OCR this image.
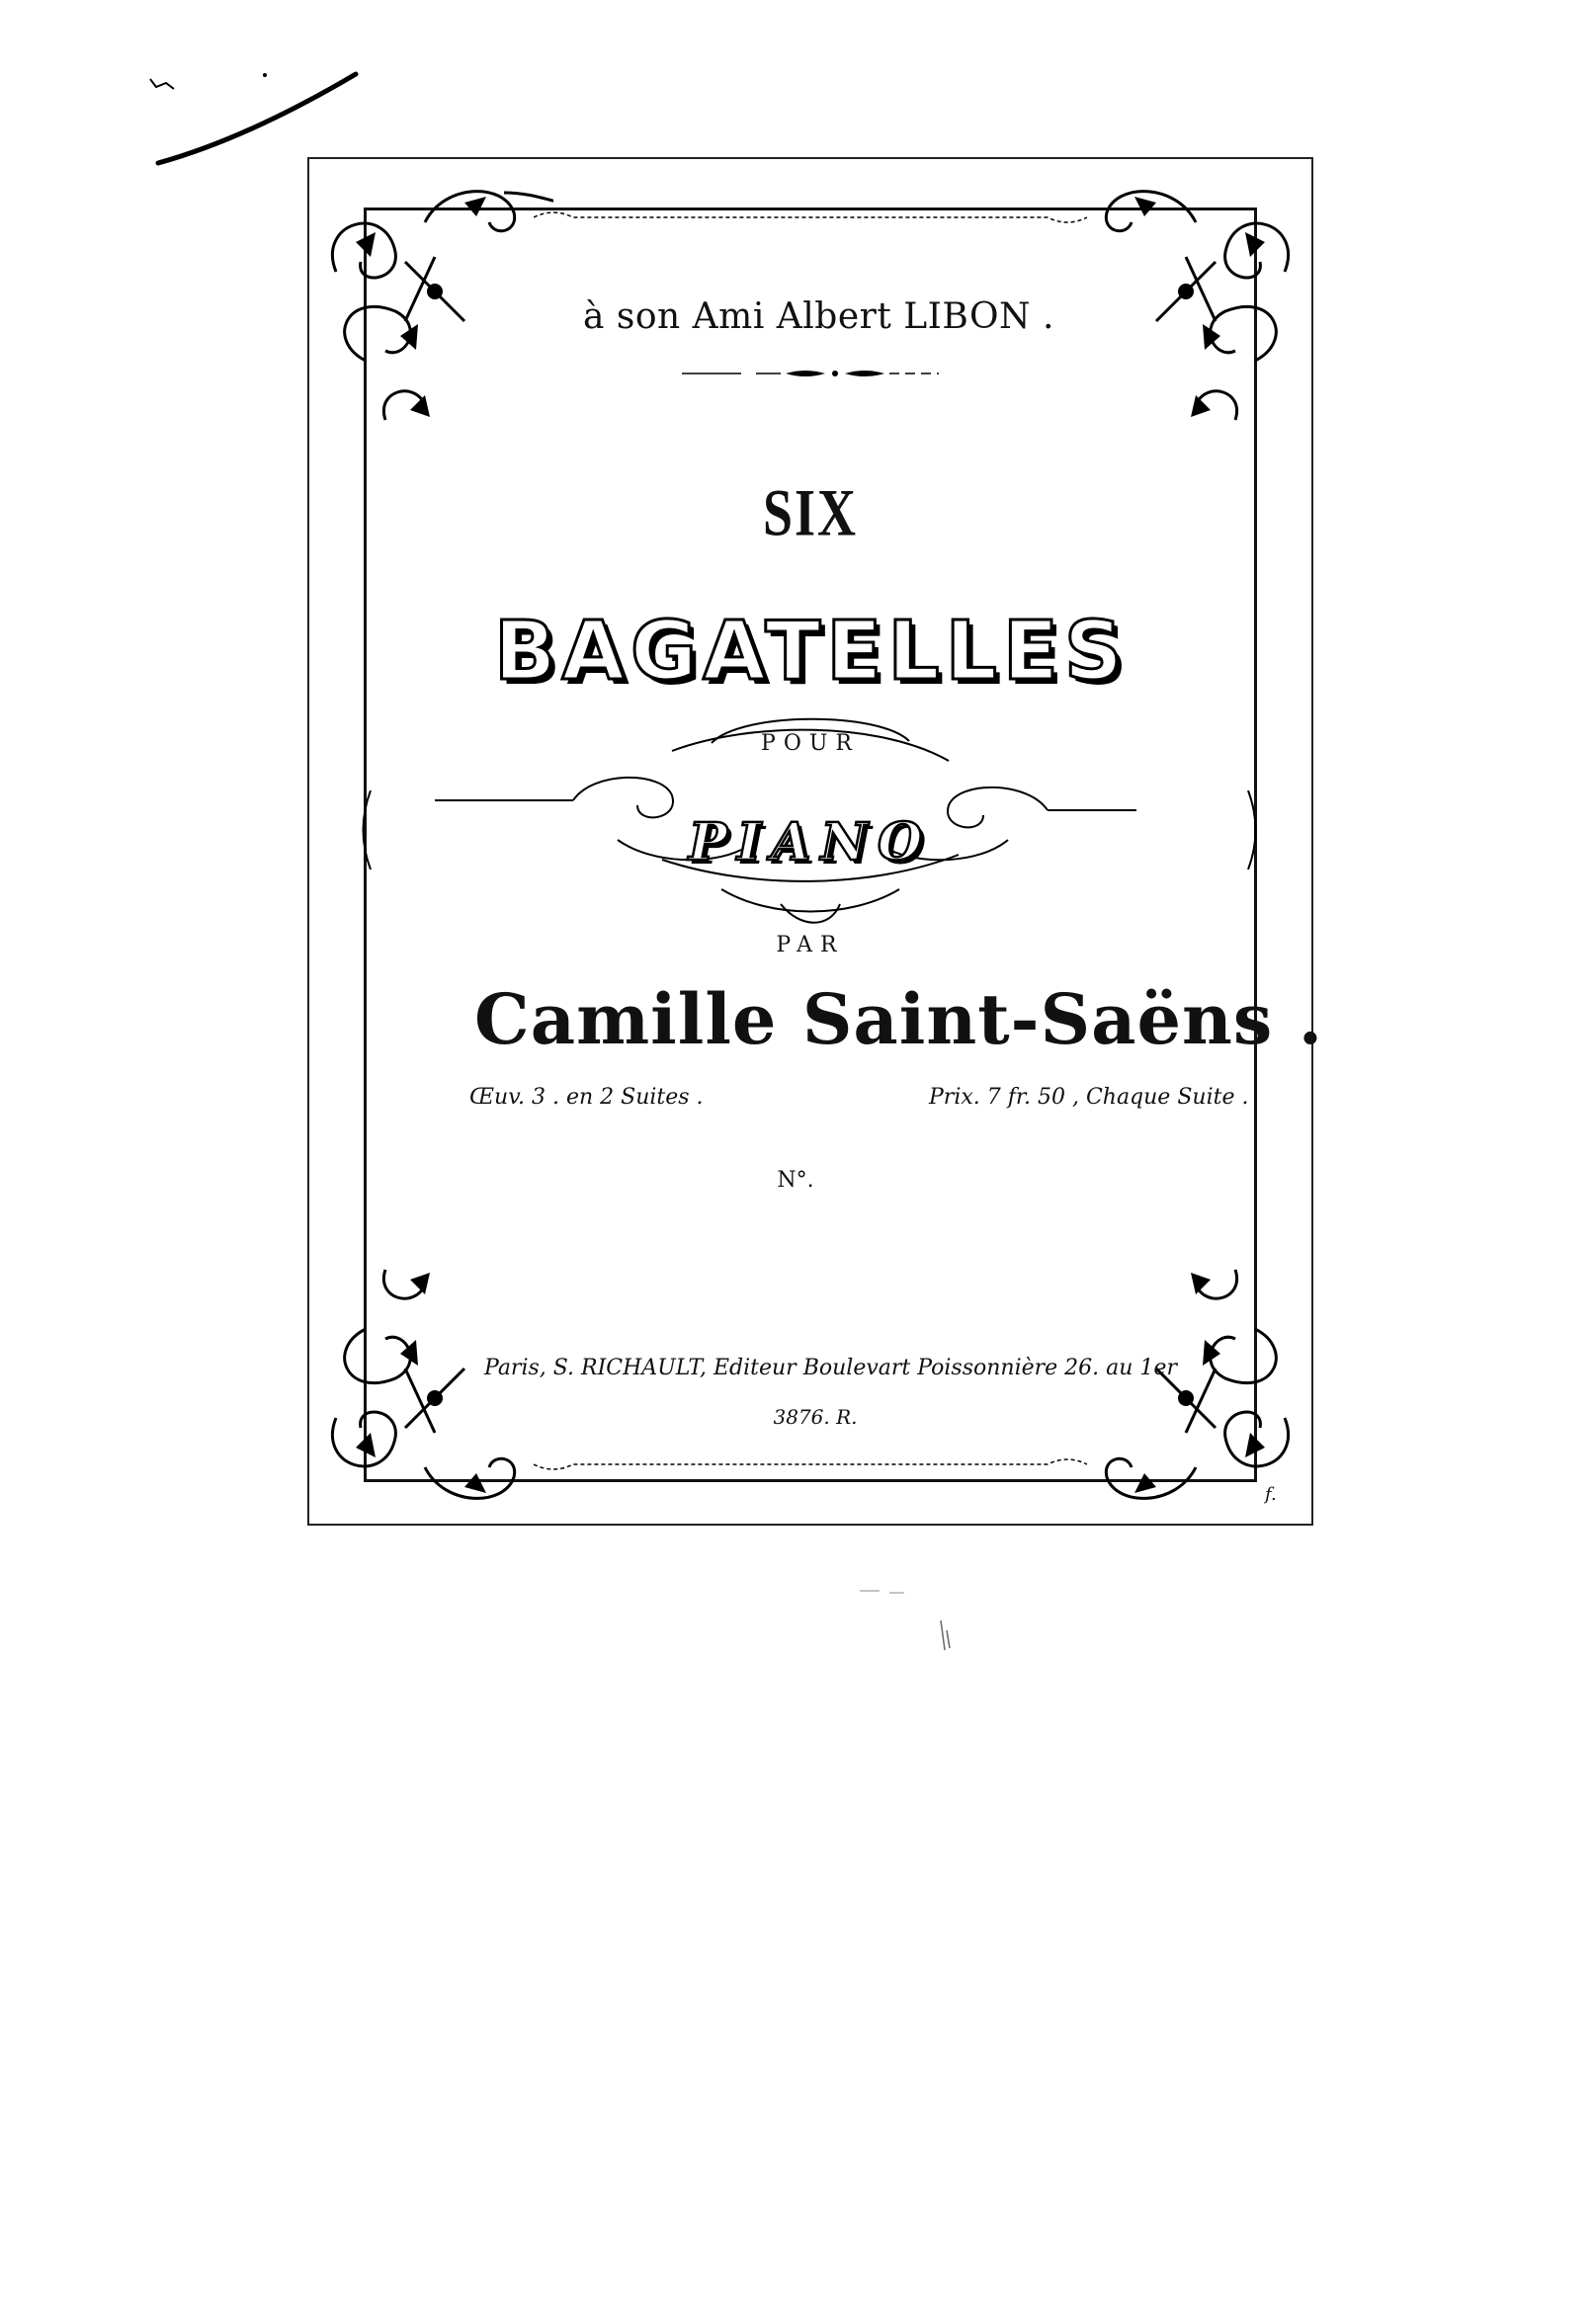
à son Ami Albert LIBON .
SIX
BAGATELLES
POUR
PIANO
PAR
Camille Saint-Saëns .
Œuv. 3 . en 2 Suites .	Prix. 7 fr. 50 , Chaque Suite .
N°.
Paris, S. RICHAULT, Editeur Boulevart Poissonnière 26. au 1er
3876. R.
f.
